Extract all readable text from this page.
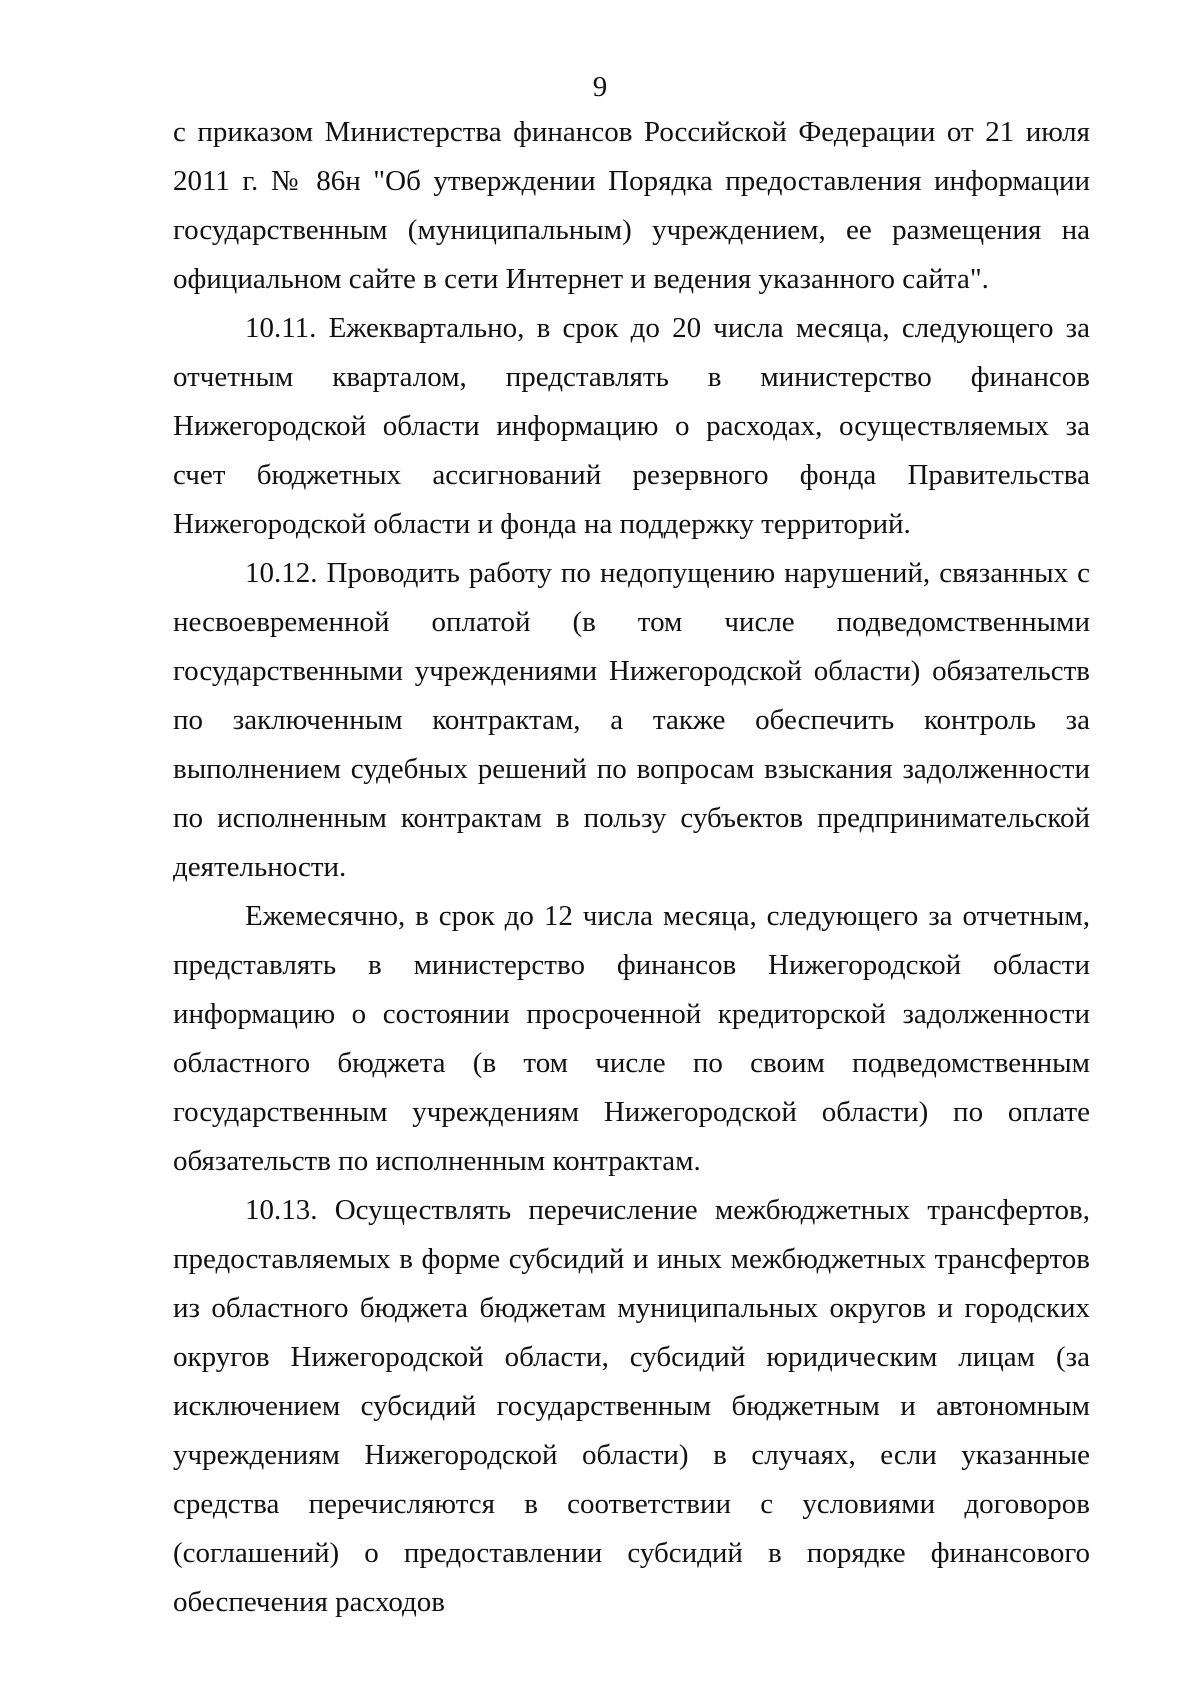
9

с приказом Министерства финансов Российской Федерации от 21 июля 2011 г. № 86н "Об утверждении Порядка предоставления информации государственным (муниципальным) учреждением, ее размещения на официальном сайте в сети Интернет и ведения указанного сайта".

10.11. Ежеквартально, в срок до 20 числа месяца, следующего за отчетным кварталом, представлять в министерство финансов Нижегородской области информацию о расходах, осуществляемых за счет бюджетных ассигнований резервного фонда Правительства Нижегородской области и фонда на поддержку территорий.

10.12. Проводить работу по недопущению нарушений, связанных с несвоевременной оплатой (в том числе подведомственными государственными учреждениями Нижегородской области) обязательств по заключенным контрактам, а также обеспечить контроль за выполнением судебных решений по вопросам взыскания задолженности по исполненным контрактам в пользу субъектов предпринимательской деятельности.

Ежемесячно, в срок до 12 числа месяца, следующего за отчетным, представлять в министерство финансов Нижегородской области информацию о состоянии просроченной кредиторской задолженности областного бюджета (в том числе по своим подведомственным государственным учреждениям Нижегородской области) по оплате обязательств по исполненным контрактам.

10.13. Осуществлять перечисление межбюджетных трансфертов, предоставляемых в форме субсидий и иных межбюджетных трансфертов из областного бюджета бюджетам муниципальных округов и городских округов Нижегородской области, субсидий юридическим лицам (за исключением субсидий государственным бюджетным и автономным учреждениям Нижегородской области) в случаях, если указанные средства перечисляются в соответствии с условиями договоров (соглашений) о предоставлении субсидий в порядке финансового обеспечения расходов
